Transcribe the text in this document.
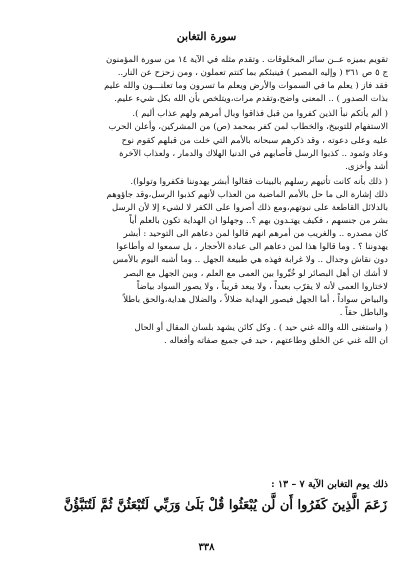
سورة التغابن

تقويم بميزه عــن سائر المخلوقات . وتقدم مثله في الآية ١٤ من سورة المؤمنون
ج ٥ ص ٣٦١ ( وإليه المصير ) فينبئكم بما كنتم تعملون ، ومن زحزح عن النار..
فقد فاز ( يعلم ما في السموات والأرض ويعلم ما تسرون وما تعلنـــون والله عليم
بذات الصدور ) .. المعنى واضح،وتقدم مرات،ويتلخص بأن الله بكل شيء عليم.

( ألم يأتكم نبأ الذين كفروا من قبل فذاقوا وبال أمرهم ولهم عذاب أليم ).
الاستفهام للتوبيخ، والخطاب لمن كفر بمحمد (ص) من المشركين، وأعلن الحرب
عليه وعلى دعوته ، وقد ذكرهم سبحانه بالأمم التي خلت من قبلهم كقوم نوح
وعاد وثمود .. كذبوا الرسل فأصابهم في الدنيا الهلاك والدمار ، ولعذاب الآخرة
أشد وأخزى.

( ذلك بأنه كانت تأتيهم رسلهم بالبينات فقالوا أبشر يهدوننا فكفروا وتولوا).
ذلك إشارة الى ما حل بالأمم الماضية من العذاب لأنهم كذبوا الرسل،وقد جاؤوهم
بالدلائل القاطعة على نبوتهم،ومع ذلك أصروا على الكفر لا لشيء إلا لأن الرسل
بشر من جنسهم ، فكيف يهتـدون بهم ؟.. وجهلوا ان الهداية تكون بالعلم أياً
كان مصدره .. والغريب من أمرهم انهم قالوا لمن دعاهم الى التوحيد : أبشر
يهدوننا ؟ . وما قالوا هذا لمن دعاهم الى عبادة الأحجار ، بل سمعوا له وأطاعوا
دون نقاش وجدال .. ولا غرابة فهذه هي طبيعة الجهل .. وما أشبه اليوم بالأمس
لا أشك ان أهل البصائر لو خُيِّروا بين العمى مع العلم ، وبين الجهل مع البصر
لاختاروا العمى لأنه لا يقرّب بعيداً ، ولا يبعد قريباً ، ولا يصور السواد بياضاً
والبياض سواداً ، أما الجهل فيصور الهداية ضلالاً ، والضلال هداية،والحق باطلاً
والباطل حقاً .

( واستغنى الله والله غني حيد ) . وكل كائن يشهد بلسان المقال أو الحال
ان الله غني عن الخلق وطاعتهم ، حيد في جميع صفاته وأفعاله .

ذلك يوم التغابن الآية ٧ – ١٣ :
زَعَمَ الَّذِينَ كَفَرُوا أَن لَّن يُبْعَثُوا قُلْ بَلَىٰ وَرَبِّي لَتُبْعَثُنَّ ثُمَّ لَتُنَبَّؤُنَّ
٣٣٨
